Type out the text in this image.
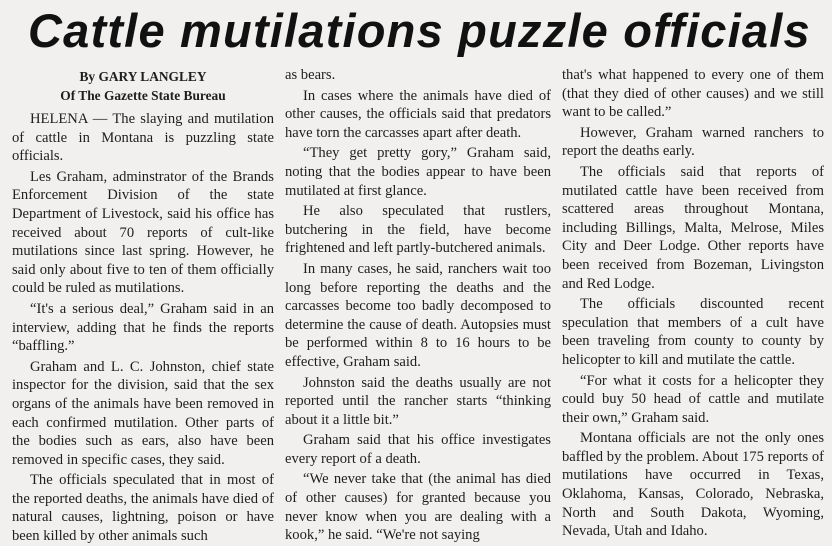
Cattle mutilations puzzle officials
By GARY LANGLEY
Of The Gazette State Bureau

HELENA — The slaying and mutilation of cattle in Montana is puzzling state officials.

Les Graham, adminstrator of the Brands Enforcement Division of the state Department of Livestock, said his office has received about 70 reports of cult-like mutilations since last spring. However, he said only about five to ten of them officially could be ruled as mutilations.

“It's a serious deal,” Graham said in an interview, adding that he finds the reports “baffling.”

Graham and L. C. Johnston, chief state inspector for the division, said that the sex organs of the animals have been removed in each confirmed mutilation. Other parts of the bodies such as ears, also have been removed in specific cases, they said.

The officials speculated that in most of the reported deaths, the animals have died of natural causes, lightning, poison or have been killed by other animals such

as bears.

In cases where the animals have died of other causes, the officials said that predators have torn the carcasses apart after death.

“They get pretty gory,” Graham said, noting that the bodies appear to have been mutilated at first glance.

He also speculated that rustlers, butchering in the field, have become frightened and left partly-butchered animals.

In many cases, he said, ranchers wait too long before reporting the deaths and the carcasses become too badly decomposed to determine the cause of death. Autopsies must be performed within 8 to 16 hours to be effective, Graham said.

Johnston said the deaths usually are not reported until the rancher starts “thinking about it a little bit.”

Graham said that his office investigates every report of a death.

“We never take that (the animal has died of other causes) for granted because you never know when you are dealing with a kook,” he said. “We're not saying

that's what happened to every one of them (that they died of other causes) and we still want to be called.”

However, Graham warned ranchers to report the deaths early.

The officials said that reports of mutilated cattle have been received from scattered areas throughout Montana, including Billings, Malta, Melrose, Miles City and Deer Lodge. Other reports have been received from Bozeman, Livingston and Red Lodge.

The officials discounted recent speculation that members of a cult have been traveling from county to county by helicopter to kill and mutilate the cattle.

“For what it costs for a helicopter they could buy 50 head of cattle and mutilate their own,” Graham said.

Montana officials are not the only ones baffled by the problem. About 175 reports of mutilations have occurred in Texas, Oklahoma, Kansas, Colorado, Nebraska, North and South Dakota, Wyoming, Nevada, Utah and Idaho.
